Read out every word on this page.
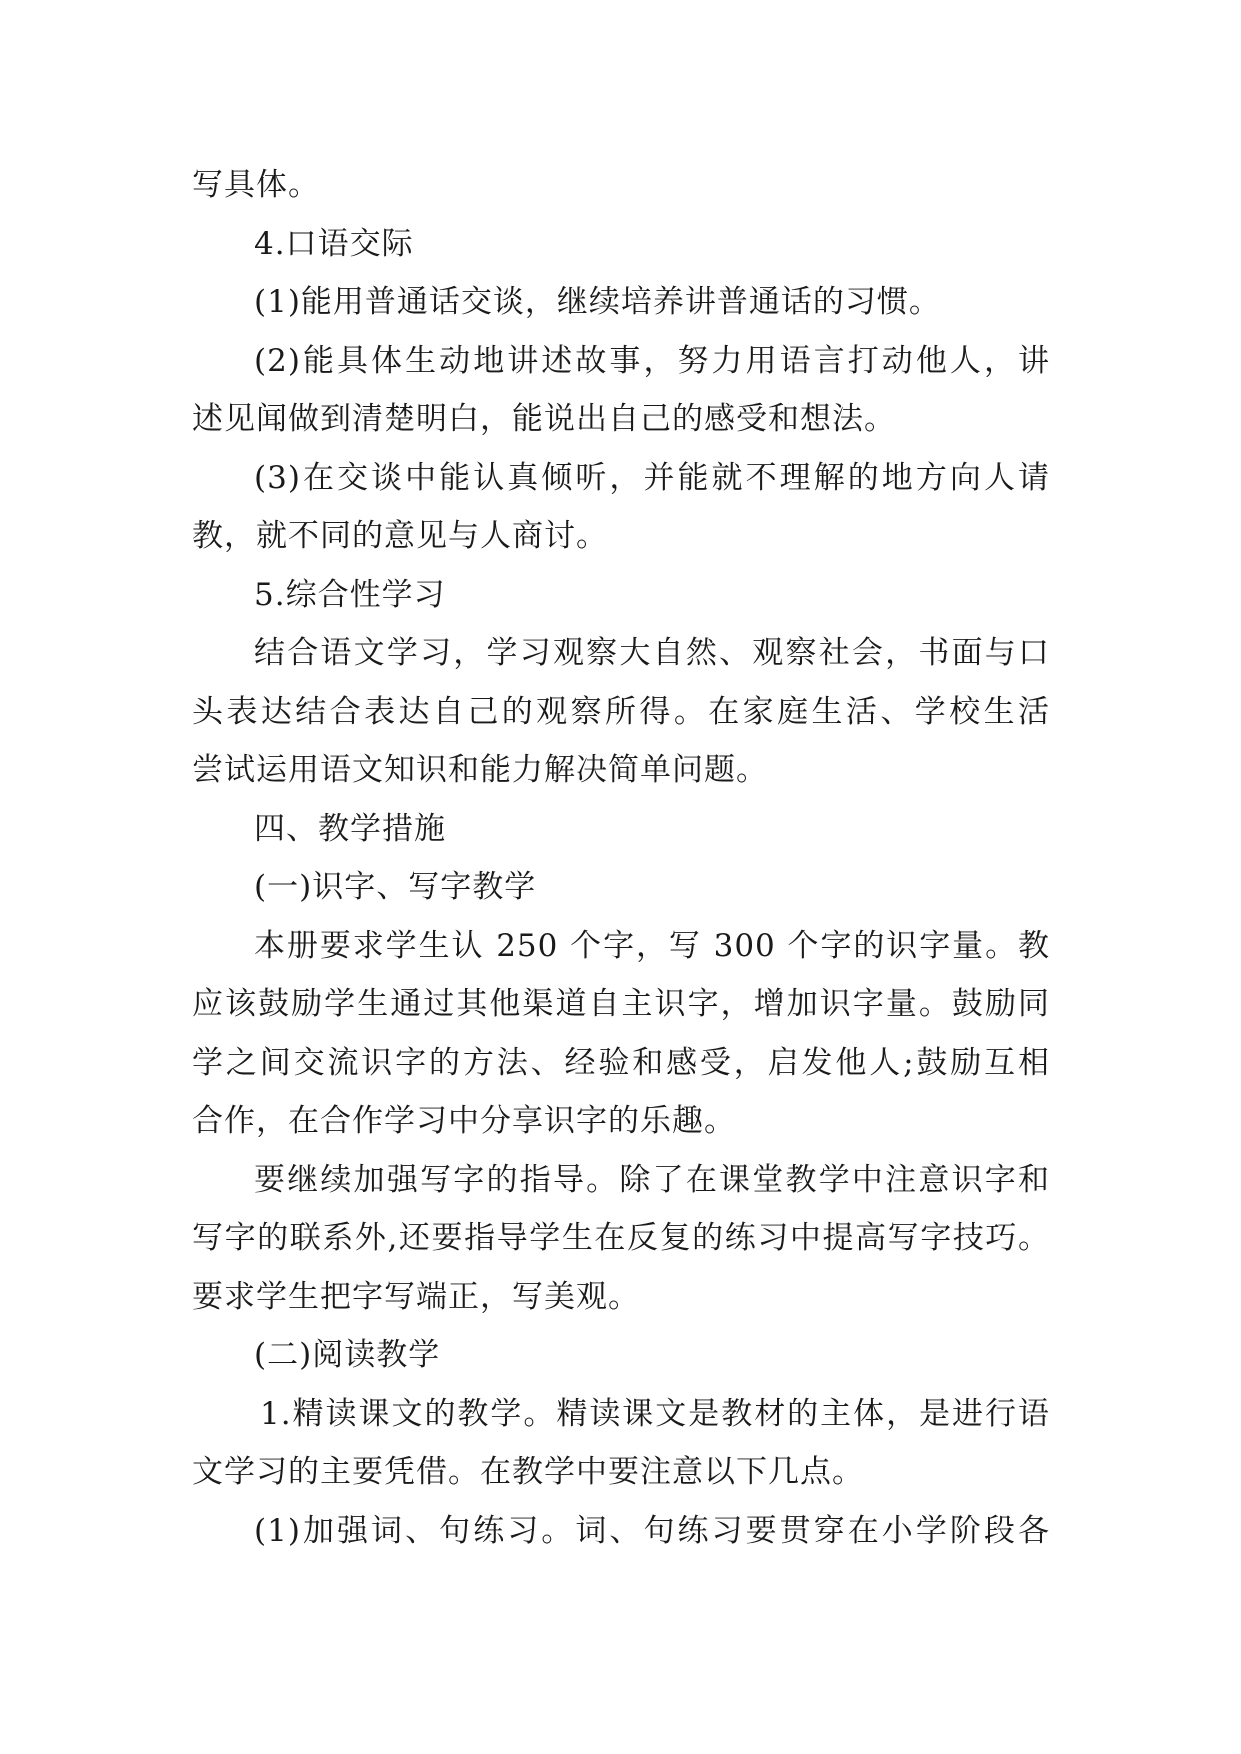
写具体。
4.口语交际
(1)能用普通话交谈，继续培养讲普通话的习惯。
(2)能具体生动地讲述故事，努力用语言打动他人，讲
述见闻做到清楚明白，能说出自己的感受和想法。
(3)在交谈中能认真倾听，并能就不理解的地方向人请
教，就不同的意见与人商讨。
5.综合性学习
结合语文学习，学习观察大自然、观察社会，书面与口
头表达结合表达自己的观察所得。在家庭生活、学校生活
尝试运用语文知识和能力解决简单问题。
四、教学措施
(一)识字、写字教学
本册要求学生认 250 个字，写 300 个字的识字量。教
应该鼓励学生通过其他渠道自主识字，增加识字量。鼓励同
学之间交流识字的方法、经验和感受，启发他人;鼓励互相
合作，在合作学习中分享识字的乐趣。
要继续加强写字的指导。除了在课堂教学中注意识字和
写字的联系外,还要指导学生在反复的练习中提高写字技巧。
要求学生把字写端正，写美观。
(二)阅读教学
1.精读课文的教学。精读课文是教材的主体，是进行语
文学习的主要凭借。在教学中要注意以下几点。
(1)加强词、句练习。词、句练习要贯穿在小学阶段各
